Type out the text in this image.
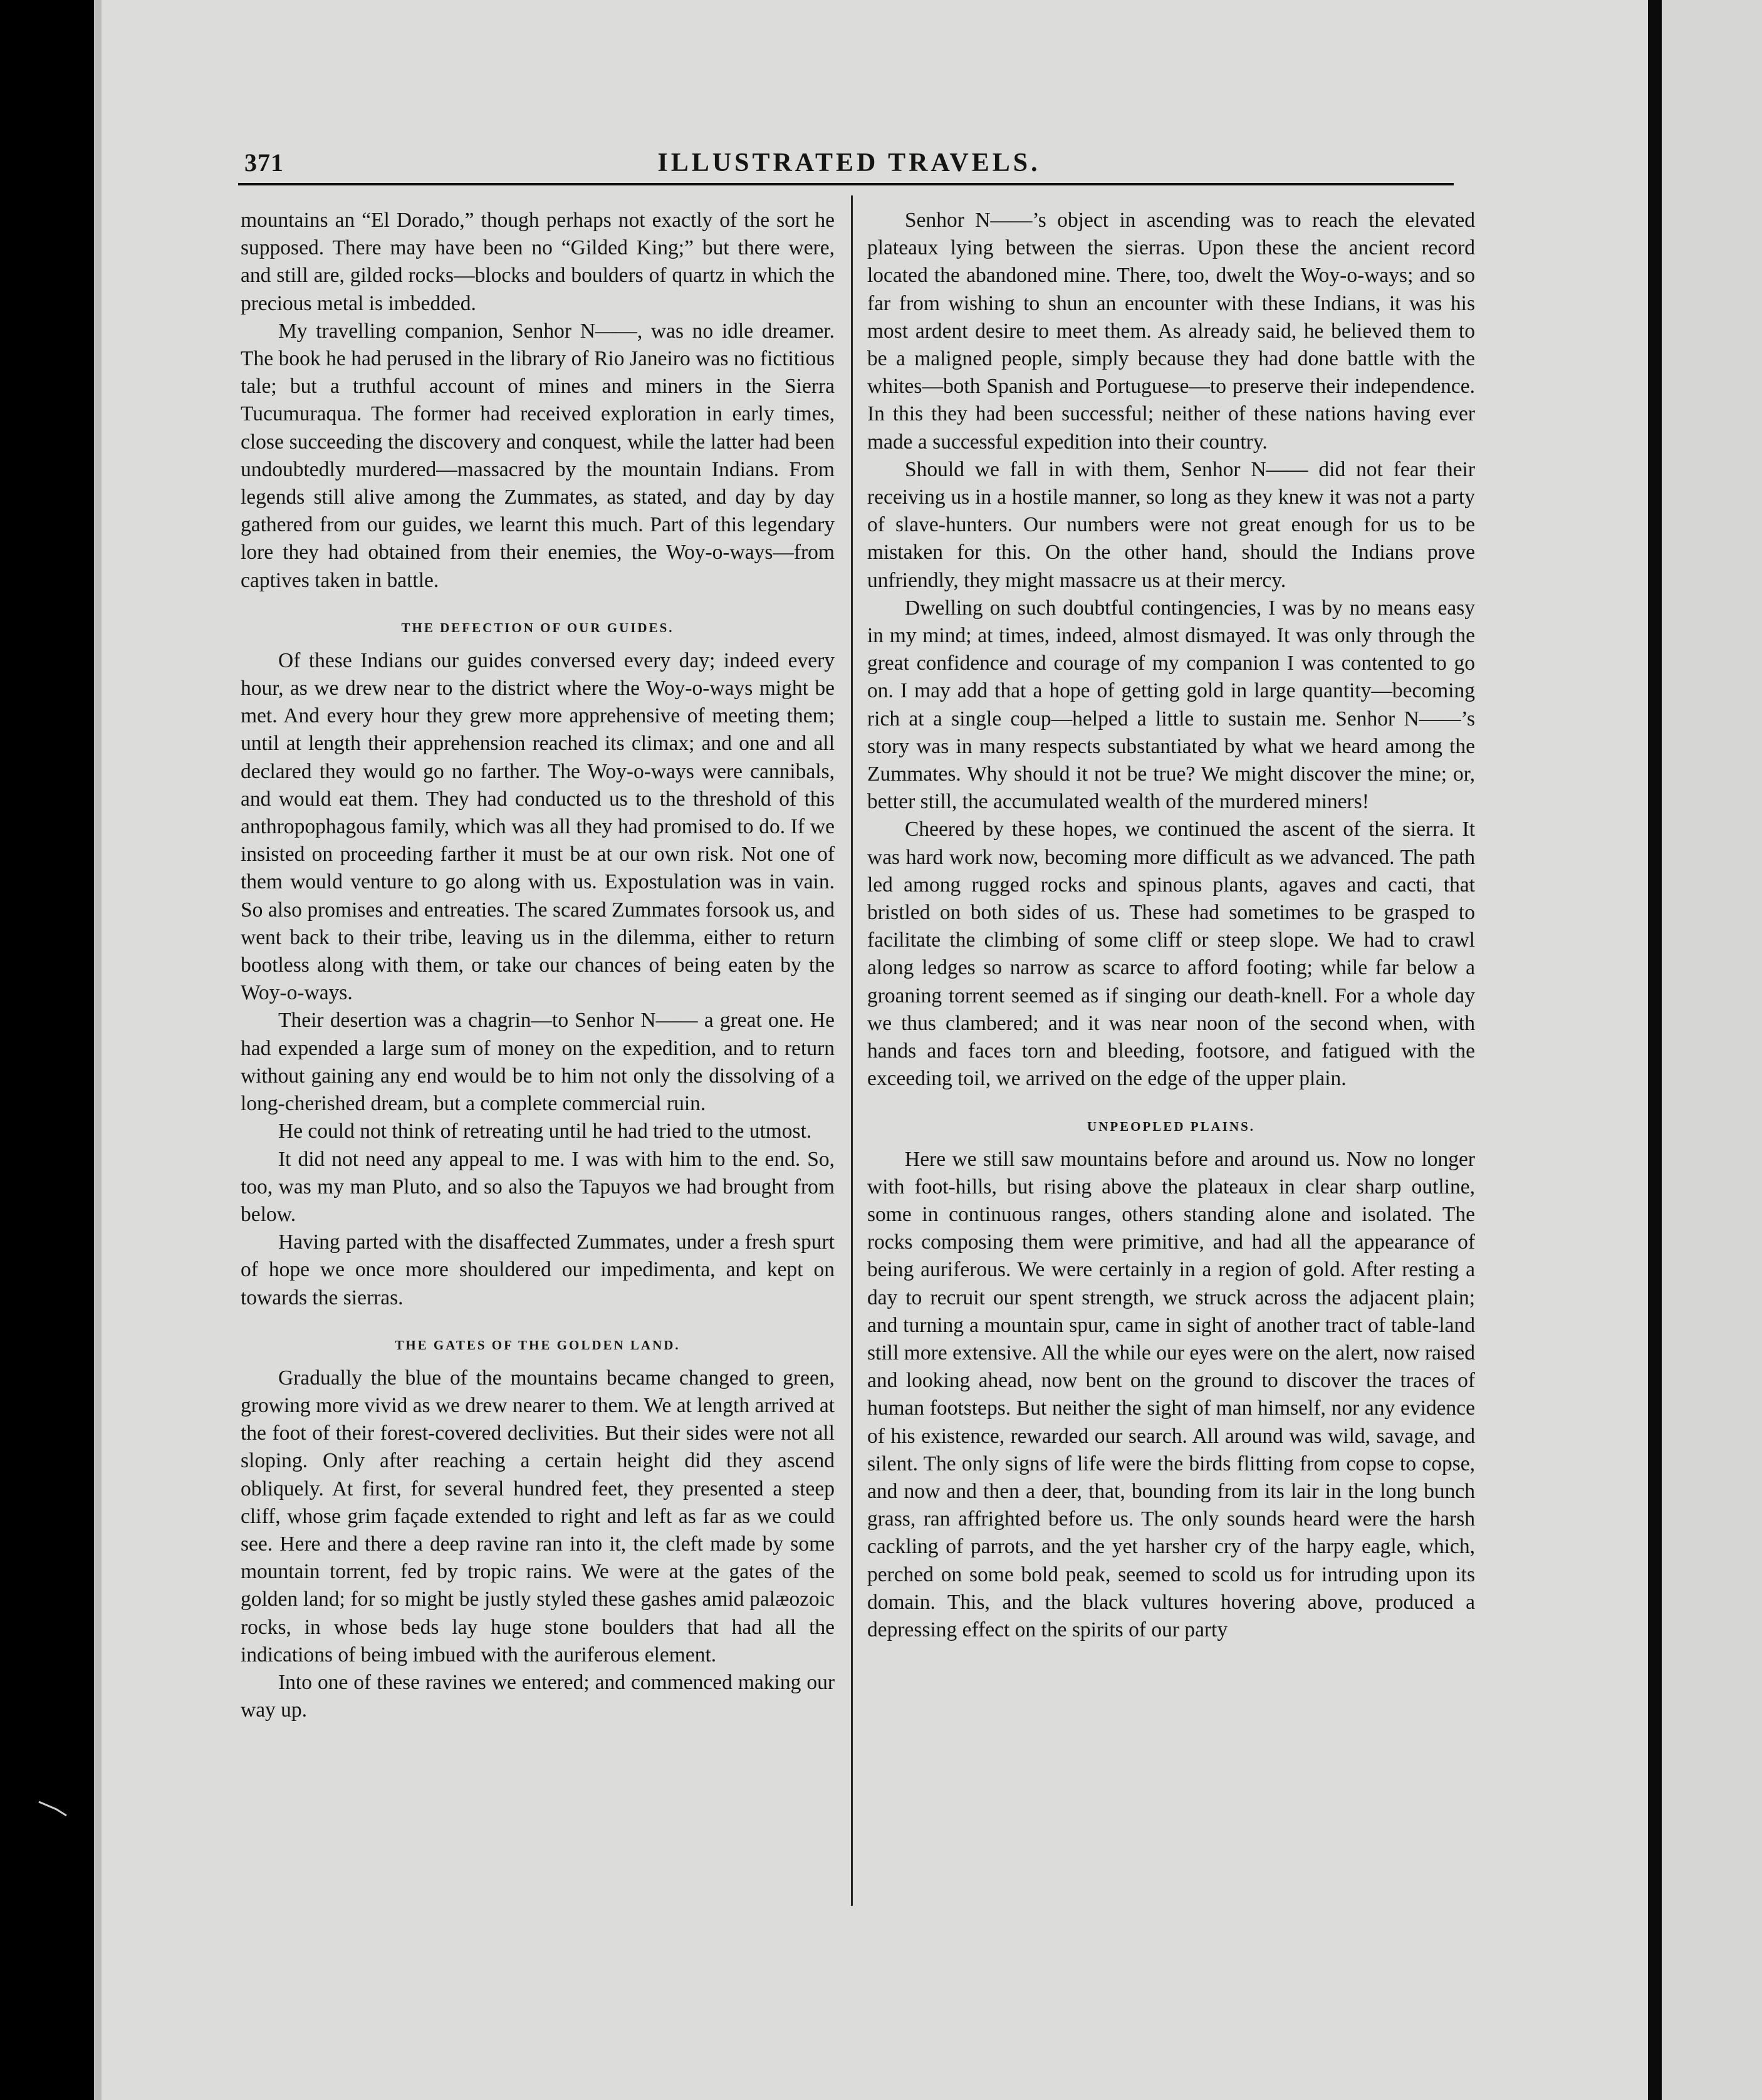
371	ILLUSTRATED TRAVELS.

mountains an “El Dorado,” though perhaps not exactly of the sort he supposed. There may have been no “Gilded King;” but there were, and still are, gilded rocks—blocks and boulders of quartz in which the precious metal is imbedded.

My travelling companion, Senhor N——, was no idle dreamer. The book he had perused in the library of Rio Janeiro was no fictitious tale; but a truthful account of mines and miners in the Sierra Tucumuraqua. The former had received exploration in early times, close succeeding the discovery and conquest, while the latter had been undoubtedly murdered—massacred by the mountain Indians. From legends still alive among the Zummates, as stated, and day by day gathered from our guides, we learnt this much. Part of this legendary lore they had obtained from their enemies, the Woy-o-ways—from captives taken in battle.

THE DEFECTION OF OUR GUIDES.

Of these Indians our guides conversed every day; indeed every hour, as we drew near to the district where the Woy-o-ways might be met. And every hour they grew more apprehensive of meeting them; until at length their apprehension reached its climax; and one and all declared they would go no farther. The Woy-o-ways were cannibals, and would eat them. They had conducted us to the threshold of this anthropophagous family, which was all they had promised to do. If we insisted on proceeding farther it must be at our own risk. Not one of them would venture to go along with us. Expostulation was in vain. So also promises and entreaties. The scared Zummates forsook us, and went back to their tribe, leaving us in the dilemma, either to return bootless along with them, or take our chances of being eaten by the Woy-o-ways.

Their desertion was a chagrin—to Senhor N—— a great one. He had expended a large sum of money on the expedition, and to return without gaining any end would be to him not only the dissolving of a long-cherished dream, but a complete commercial ruin.

He could not think of retreating until he had tried to the utmost.

It did not need any appeal to me. I was with him to the end. So, too, was my man Pluto, and so also the Tapuyos we had brought from below.

Having parted with the disaffected Zummates, under a fresh spurt of hope we once more shouldered our impedimenta, and kept on towards the sierras.

THE GATES OF THE GOLDEN LAND.

Gradually the blue of the mountains became changed to green, growing more vivid as we drew nearer to them. We at length arrived at the foot of their forest-covered declivities. But their sides were not all sloping. Only after reaching a certain height did they ascend obliquely. At first, for several hundred feet, they presented a steep cliff, whose grim façade extended to right and left as far as we could see. Here and there a deep ravine ran into it, the cleft made by some mountain torrent, fed by tropic rains. We were at the gates of the golden land; for so might be justly styled these gashes amid palæozoic rocks, in whose beds lay huge stone boulders that had all the indications of being imbued with the auriferous element.

Into one of these ravines we entered; and commenced making our way up.

Senhor N——’s object in ascending was to reach the elevated plateaux lying between the sierras. Upon these the ancient record located the abandoned mine. There, too, dwelt the Woy-o-ways; and so far from wishing to shun an encounter with these Indians, it was his most ardent desire to meet them. As already said, he believed them to be a maligned people, simply because they had done battle with the whites—both Spanish and Portuguese—to preserve their independence. In this they had been successful; neither of these nations having ever made a successful expedition into their country.

Should we fall in with them, Senhor N—— did not fear their receiving us in a hostile manner, so long as they knew it was not a party of slave-hunters. Our numbers were not great enough for us to be mistaken for this. On the other hand, should the Indians prove unfriendly, they might massacre us at their mercy.

Dwelling on such doubtful contingencies, I was by no means easy in my mind; at times, indeed, almost dismayed. It was only through the great confidence and courage of my companion I was contented to go on. I may add that a hope of getting gold in large quantity—becoming rich at a single coup—helped a little to sustain me. Senhor N——’s story was in many respects substantiated by what we heard among the Zummates. Why should it not be true? We might discover the mine; or, better still, the accumulated wealth of the murdered miners!

Cheered by these hopes, we continued the ascent of the sierra. It was hard work now, becoming more difficult as we advanced. The path led among rugged rocks and spinous plants, agaves and cacti, that bristled on both sides of us. These had sometimes to be grasped to facilitate the climbing of some cliff or steep slope. We had to crawl along ledges so narrow as scarce to afford footing; while far below a groaning torrent seemed as if singing our death-knell. For a whole day we thus clambered; and it was near noon of the second when, with hands and faces torn and bleeding, footsore, and fatigued with the exceeding toil, we arrived on the edge of the upper plain.

UNPEOPLED PLAINS.

Here we still saw mountains before and around us. Now no longer with foot-hills, but rising above the plateaux in clear sharp outline, some in continuous ranges, others standing alone and isolated. The rocks composing them were primitive, and had all the appearance of being auriferous. We were certainly in a region of gold. After resting a day to recruit our spent strength, we struck across the adjacent plain; and turning a mountain spur, came in sight of another tract of table-land still more extensive. All the while our eyes were on the alert, now raised and looking ahead, now bent on the ground to discover the traces of human footsteps. But neither the sight of man himself, nor any evidence of his existence, rewarded our search. All around was wild, savage, and silent. The only signs of life were the birds flitting from copse to copse, and now and then a deer, that, bounding from its lair in the long bunch grass, ran affrighted before us. The only sounds heard were the harsh cackling of parrots, and the yet harsher cry of the harpy eagle, which, perched on some bold peak, seemed to scold us for intruding upon its domain. This, and the black vultures hovering above, produced a depressing effect on the spirits of our party
